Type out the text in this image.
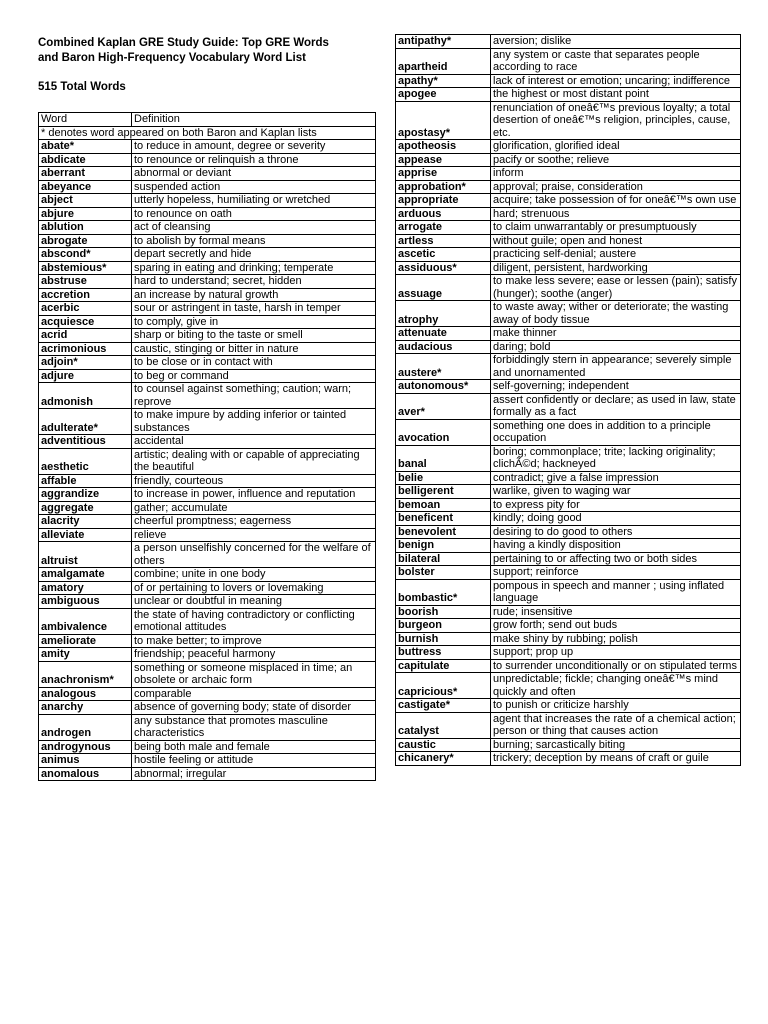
Combined Kaplan GRE Study Guide: Top GRE Words
and Baron High-Frequency Vocabulary Word List
515 Total Words
Word	Definition
* denotes word appeared on both Baron and Kaplan lists	
abate*	to reduce in amount, degree or severity
abdicate	to renounce or relinquish a throne
aberrant	abnormal or deviant
abeyance	suspended action
abject	utterly hopeless, humiliating or wretched
abjure	to renounce on oath
ablution	act of cleansing
abrogate	to abolish by formal means
abscond*	depart secretly and hide
abstemious*	sparing in eating and drinking; temperate
abstruse	hard to understand; secret, hidden
accretion	an increase by natural growth
acerbic	sour or astringent in taste, harsh in temper
acquiesce	to comply, give in
acrid	sharp or biting to the taste or smell
acrimonious	caustic, stinging or bitter in nature
adjoin*	to be close or in contact with
adjure	to beg or command
admonish	to counsel against something; caution; warn; reprove
adulterate*	to make impure by adding inferior or tainted substances
adventitious	accidental
aesthetic	artistic; dealing with or capable of appreciating the beautiful
affable	friendly, courteous
aggrandize	to increase in power, influence and reputation
aggregate	gather; accumulate
alacrity	cheerful promptness; eagerness
alleviate	relieve
altruist	a person unselfishly concerned for the welfare of others
amalgamate	combine; unite in one body
amatory	of or pertaining to lovers or lovemaking
ambiguous	unclear or doubtful in meaning
ambivalence	the state of having contradictory or conflicting emotional attitudes
ameliorate	to make better; to improve
amity	friendship; peaceful harmony
anachronism*	something or someone misplaced in time; an obsolete or archaic form
analogous	comparable
anarchy	absence of governing body; state of disorder
androgen	any substance that promotes masculine characteristics
androgynous	being both male and female
animus	hostile feeling or attitude
anomalous	abnormal; irregular
antipathy*	aversion; dislike
apartheid	any system or caste that separates people according to race
apathy*	lack of interest or emotion; uncaring; indifference
apogee	the highest or most distant point
apostasy*	renunciation of oneâ€™s previous loyalty; a total desertion of oneâ€™s religion, principles, cause, etc.
apotheosis	glorification, glorified ideal
appease	pacify or soothe; relieve
apprise	inform
approbation*	approval; praise, consideration
appropriate	acquire; take possession of for oneâ€™s own use
arduous	hard; strenuous
arrogate	to claim unwarrantably or presumptuously
artless	without guile; open and honest
ascetic	practicing self-denial; austere
assiduous*	diligent, persistent, hardworking
assuage	to make less severe; ease or lessen (pain); satisfy (hunger); soothe (anger)
atrophy	to waste away; wither or deteriorate; the wasting away of body tissue
attenuate	make thinner
audacious	daring; bold
austere*	forbiddingly stern in appearance; severely simple and unornamented
autonomous*	self-governing; independent
aver*	assert confidently or declare; as used in law, state formally as a fact
avocation	something one does in addition to a principle occupation
banal	boring; commonplace; trite; lacking originality; clichÃ©d; hackneyed
belie	contradict; give a false impression
belligerent	warlike, given to waging war
bemoan	to express pity for
beneficent	kindly; doing good
benevolent	desiring to do good to others
benign	having a kindly disposition
bilateral	pertaining to or affecting two or both sides
bolster	support; reinforce
bombastic*	pompous in speech and manner ; using inflated language
boorish	rude; insensitive
burgeon	grow forth; send out buds
burnish	make shiny by rubbing; polish
buttress	support; prop up
capitulate	to surrender unconditionally or on stipulated terms
capricious*	unpredictable; fickle; changing oneâ€™s mind quickly and often
castigate*	to punish or criticize harshly
catalyst	agent that increases the rate of a chemical action; person or thing that causes action
caustic	burning; sarcastically biting
chicanery*	trickery; deception by means of craft or guile
